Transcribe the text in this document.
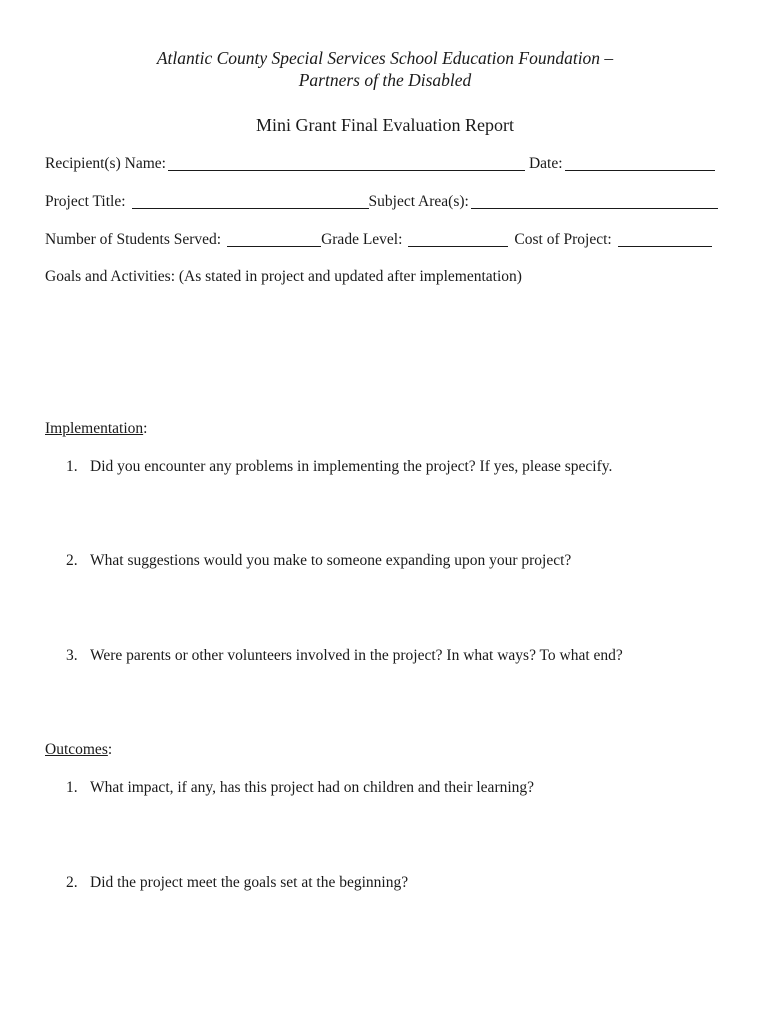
Atlantic County Special Services School Education Foundation –
Partners of the Disabled
Mini Grant Final Evaluation Report
Recipient(s) Name:	Date:
Project Title:	Subject Area(s):
Number of Students Served:	Grade Level:	Cost of Project:
Goals and Activities: (As stated in project and updated after implementation)
Implementation:
1. Did you encounter any problems in implementing the project? If yes, please specify.
2. What suggestions would you make to someone expanding upon your project?
3. Were parents or other volunteers involved in the project? In what ways? To what end?
Outcomes:
1. What impact, if any, has this project had on children and their learning?
2. Did the project meet the goals set at the beginning?
